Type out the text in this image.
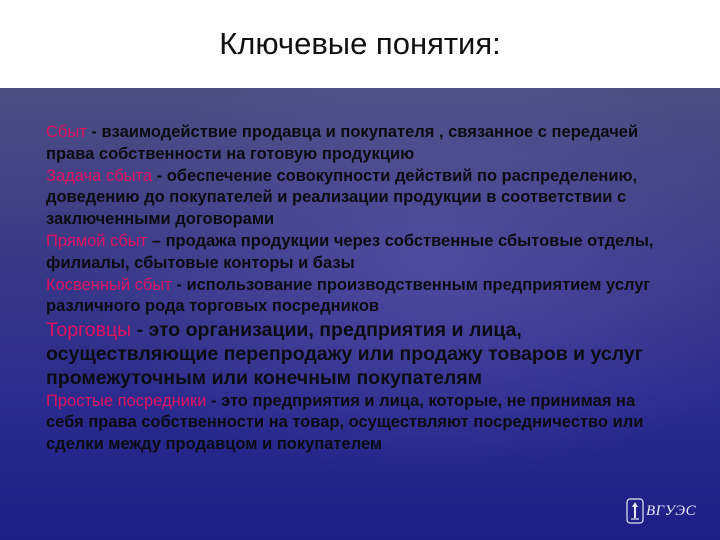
Ключевые понятия:

Сбыт - взаимодействие продавца и покупателя , связанное с передачей права собственности на готовую продукцию

Задача сбыта - обеспечение совокупности действий по распределению, доведению до покупателей и реализации продукции в соответствии с заключенными договорами

Прямой сбыт – продажа продукции через собственные сбытовые отделы, филиалы, сбытовые конторы и базы

Косвенный сбыт - использование производственным предприятием услуг различного рода торговых посредников

Торговцы - это организации, предприятия и лица, осуществляющие перепродажу или продажу товаров и услуг промежуточным или конечным покупателям

Простые посредники - это предприятия и лица, которые, не принимая на себя права собственности на товар, осуществляют посредничество или сделки между продавцом и покупателем

ВГУЭС
